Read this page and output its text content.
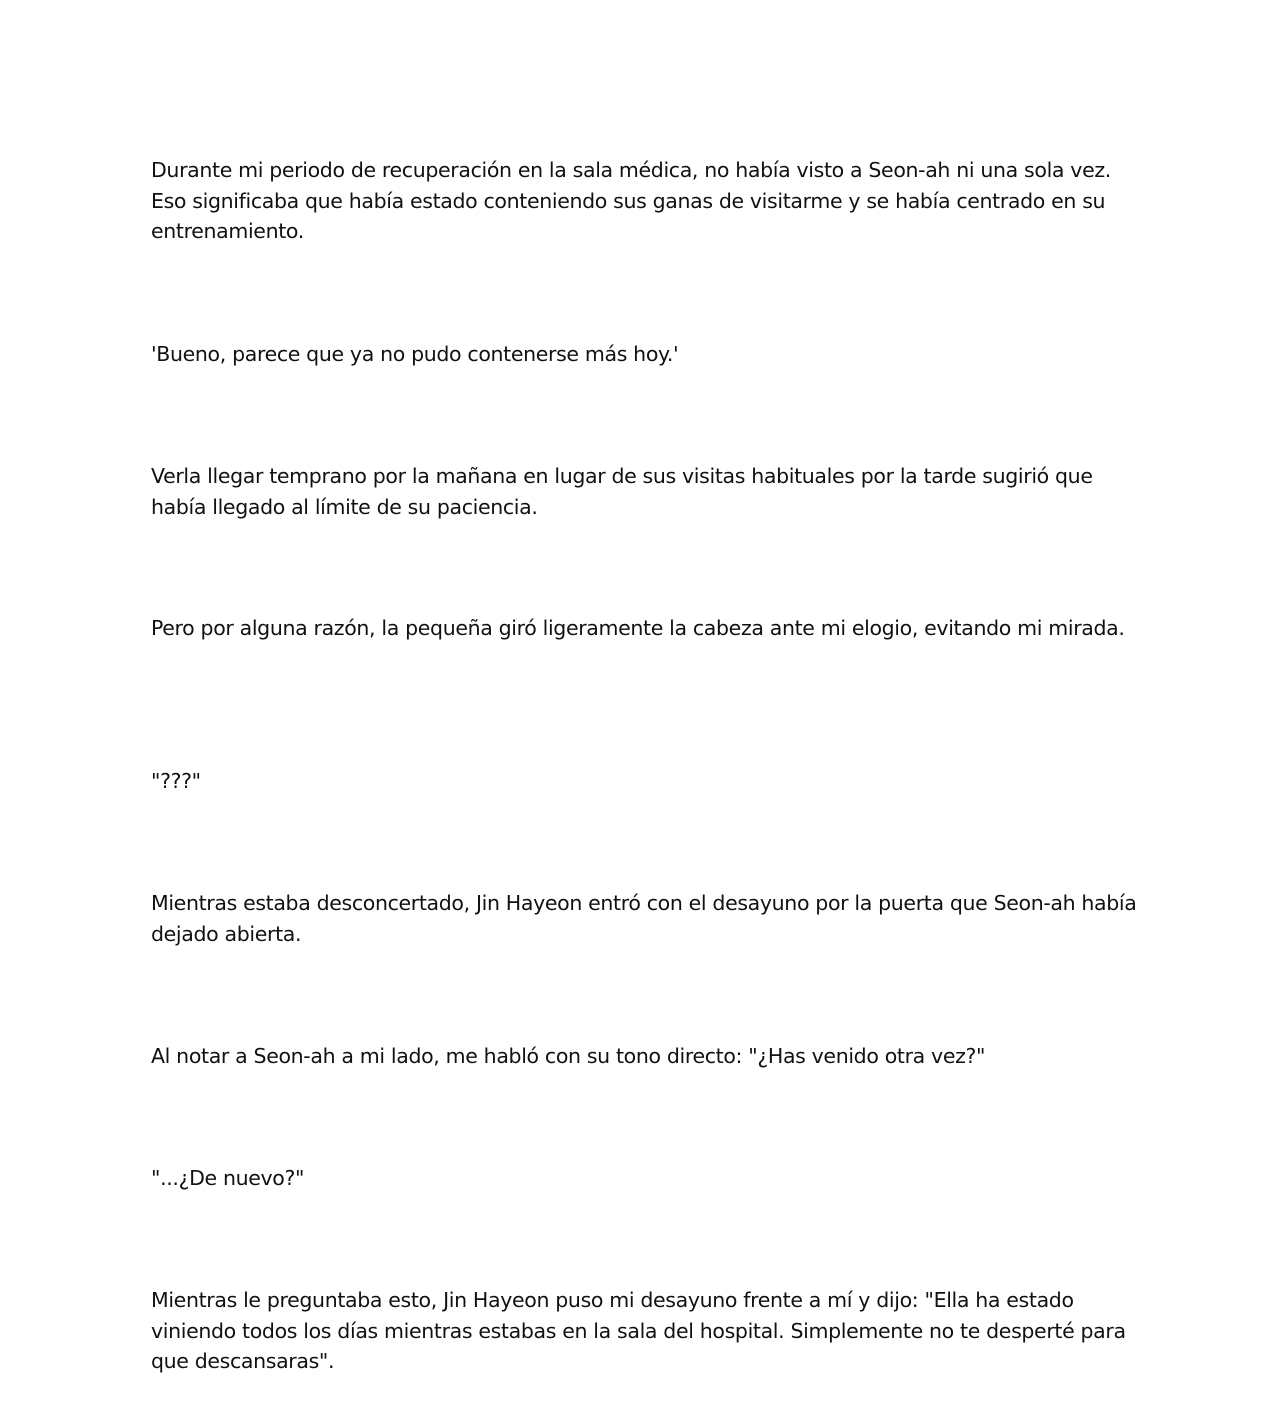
Durante mi periodo de recuperación en la sala médica, no había visto a Seon-ah ni una sola vez. Eso significaba que había estado conteniendo sus ganas de visitarme y se había centrado en su entrenamiento.

'Bueno, parece que ya no pudo contenerse más hoy.'

Verla llegar temprano por la mañana en lugar de sus visitas habituales por la tarde sugirió que había llegado al límite de su paciencia.

Pero por alguna razón, la pequeña giró ligeramente la cabeza ante mi elogio, evitando mi mirada.

"???"

Mientras estaba desconcertado, Jin Hayeon entró con el desayuno por la puerta que Seon-ah había dejado abierta.

Al notar a Seon-ah a mi lado, me habló con su tono directo: "¿Has venido otra vez?"

"...¿De nuevo?"

Mientras le preguntaba esto, Jin Hayeon puso mi desayuno frente a mí y dijo: "Ella ha estado viniendo todos los días mientras estabas en la sala del hospital. Simplemente no te desperté para que descansaras".
